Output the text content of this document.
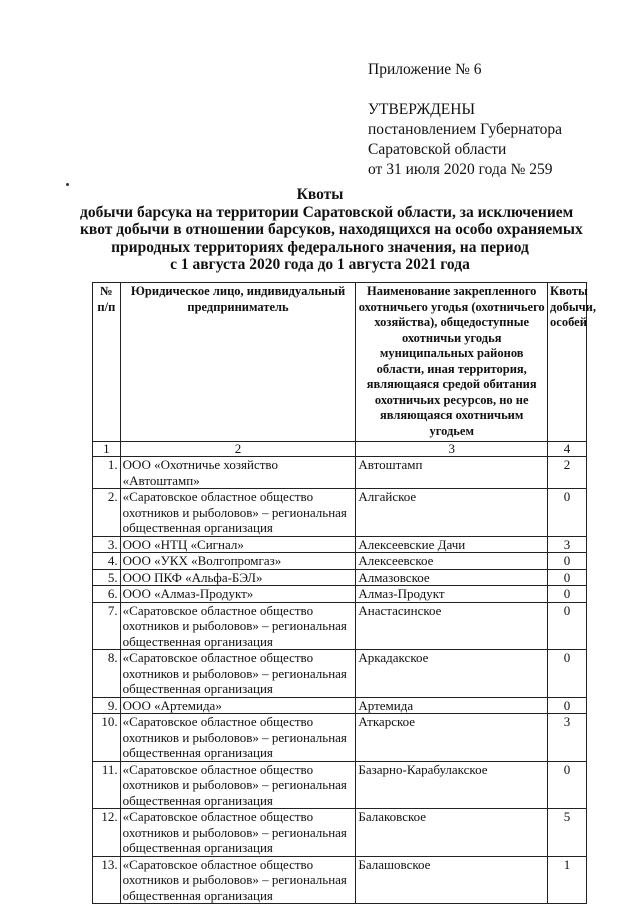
Приложение № 6
УТВЕРЖДЕНЫ
постановлением Губернатора
Саратовской области
от 31 июля 2020 года № 259
Квоты
добычи барсука на территории Саратовской области, за исключением
квот добычи в отношении барсуков, находящихся на особо охраняемых
природных территориях федерального значения, на период
с 1 августа 2020 года до 1 августа 2021 года
№ п/п	Юридическое лицо, индивидуальный предприниматель	Наименование закрепленного охотничьего угодья (охотничьего хозяйства), общедоступные охотничьи угодья муниципальных районов области, иная территория, являющаяся средой обитания охотничьих ресурсов, но не являющаяся охотничьим угодьем	Квоты добычи, особей
1	2	3	4
1.	ООО «Охотничье хозяйство «Автоштамп»	Автоштамп	2
2.	«Саратовское областное общество охотников и рыболовов» – региональная общественная организация	Алгайское	0
3.	ООО «НТЦ «Сигнал»	Алексеевские Дачи	3
4.	ООО «УКХ «Волгопромгаз»	Алексеевское	0
5.	ООО ПКФ «Альфа-БЭЛ»	Алмазовское	0
6.	ООО «Алмаз-Продукт»	Алмаз-Продукт	0
7.	«Саратовское областное общество охотников и рыболовов» – региональная общественная организация	Анастасинское	0
8.	«Саратовское областное общество охотников и рыболовов» – региональная общественная организация	Аркадакское	0
9.	ООО «Артемида»	Артемида	0
10.	«Саратовское областное общество охотников и рыболовов» – региональная общественная организация	Аткарское	3
11.	«Саратовское областное общество охотников и рыболовов» – региональная общественная организация	Базарно-Карабулакское	0
12.	«Саратовское областное общество охотников и рыболовов» – региональная общественная организация	Балаковское	5
13.	«Саратовское областное общество охотников и рыболовов» – региональная общественная организация	Балашовское	1
